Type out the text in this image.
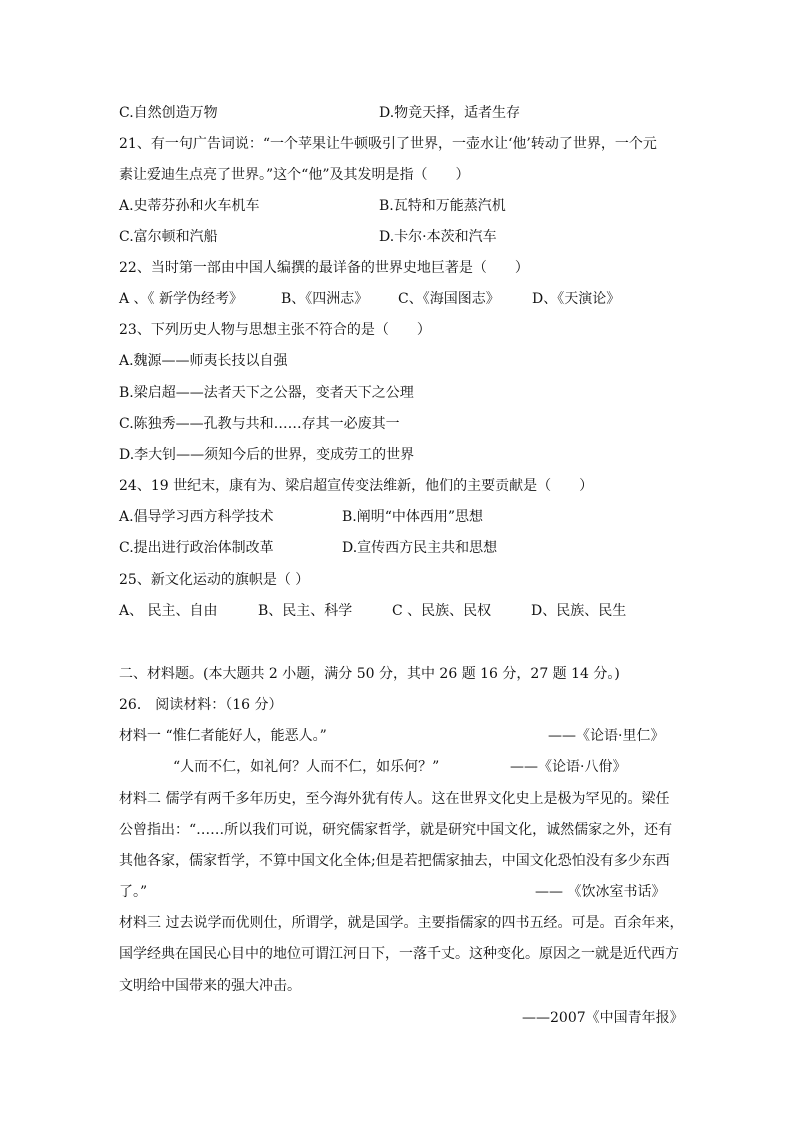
C.自然创造万物	D.物竞天择，适者生存
21、有一句广告词说：“一个苹果让牛顿吸引了世界，一壶水让‘他’转动了世界，一个元
素让爱迪生点亮了世界。”这个“他”及其发明是指（　　）
A.史蒂芬孙和火车机车	B.瓦特和万能蒸汽机
C.富尔顿和汽船	D.卡尔·本茨和汽车
22、当时第一部由中国人编撰的最详备的世界史地巨著是（　　）
A 、《 新学伪经考》	B、《四洲志》 C、《海国图志》 D、《天演论》
23、下列历史人物与思想主张不符合的是（　　）
A.魏源——师夷长技以自强
B.梁启超——法者天下之公器，变者天下之公理
C.陈独秀——孔教与共和……存其一必废其一
D.李大钊——须知今后的世界，变成劳工的世界
24、19 世纪末，康有为、梁启超宣传变法维新，他们的主要贡献是（　　）
A.倡导学习西方科学技术	B.阐明“中体西用”思想
C.提出进行政治体制改革	D.宣传西方民主共和思想
25、新文化运动的旗帜是（ ）
A、 民主、自由	B、民主、科学	C 、民族、民权	D、民族、民生
二、材料题。(本大题共 2 小题，满分 50 分，其中 26 题 16 分，27 题 14 分。)
26． 阅读材料：（16 分）
材料一 “惟仁者能好人，能恶人。”	——《论语·里仁》
“人而不仁，如礼何？人而不仁，如乐何？”	——《论语·八佾》
材料二 儒学有两千多年历史，至今海外犹有传人。这在世界文化史上是极为罕见的。梁任
公曾指出：“……所以我们可说，研究儒家哲学，就是研究中国文化，诚然儒家之外，还有
其他各家，儒家哲学，不算中国文化全体;但是若把儒家抽去，中国文化恐怕没有多少东西
了。”	—— 《饮冰室书话》
材料三 过去说学而优则仕，所谓学，就是国学。主要指儒家的四书五经。可是。百余年来，
国学经典在国民心目中的地位可谓江河日下，一落千丈。这种变化。原因之一就是近代西方
文明给中国带来的强大冲击。
——2007《中国青年报》
